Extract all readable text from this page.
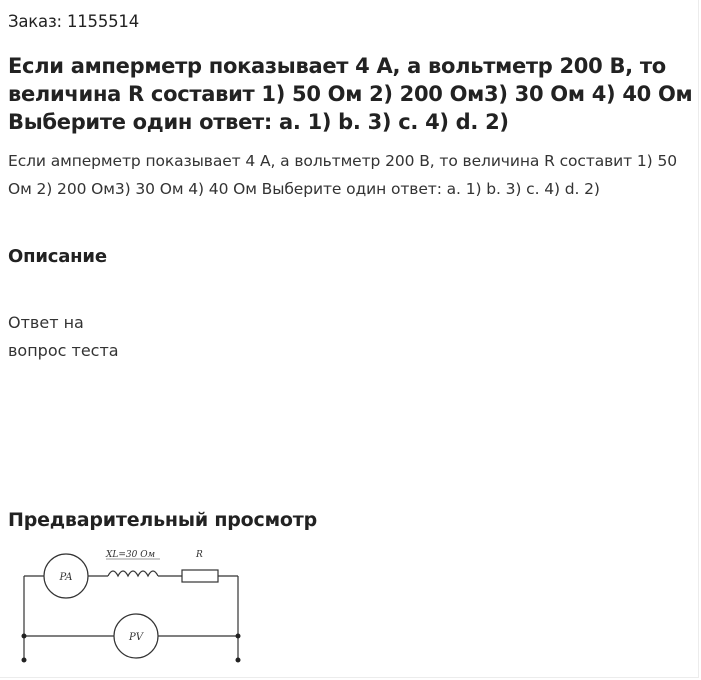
Заказ: 1155514
Если амперметр показывает 4 А, а вольтметр 200 В, то величина R составит 1) 50 Ом 2) 200 Ом3) 30 Ом 4) 40 Ом Выберите один ответ: a. 1) b. 3) c. 4) d. 2)

Если амперметр показывает 4 А, а вольтметр 200 В, то величина R составит 1) 50 Ом 2) 200 Ом3) 30 Ом 4) 40 Ом Выберите один ответ: a. 1) b. 3) c. 4) d. 2)

Описание

Ответ на
вопрос теста

Предварительный просмотр
PA
XL=30 Ом	R
PV
